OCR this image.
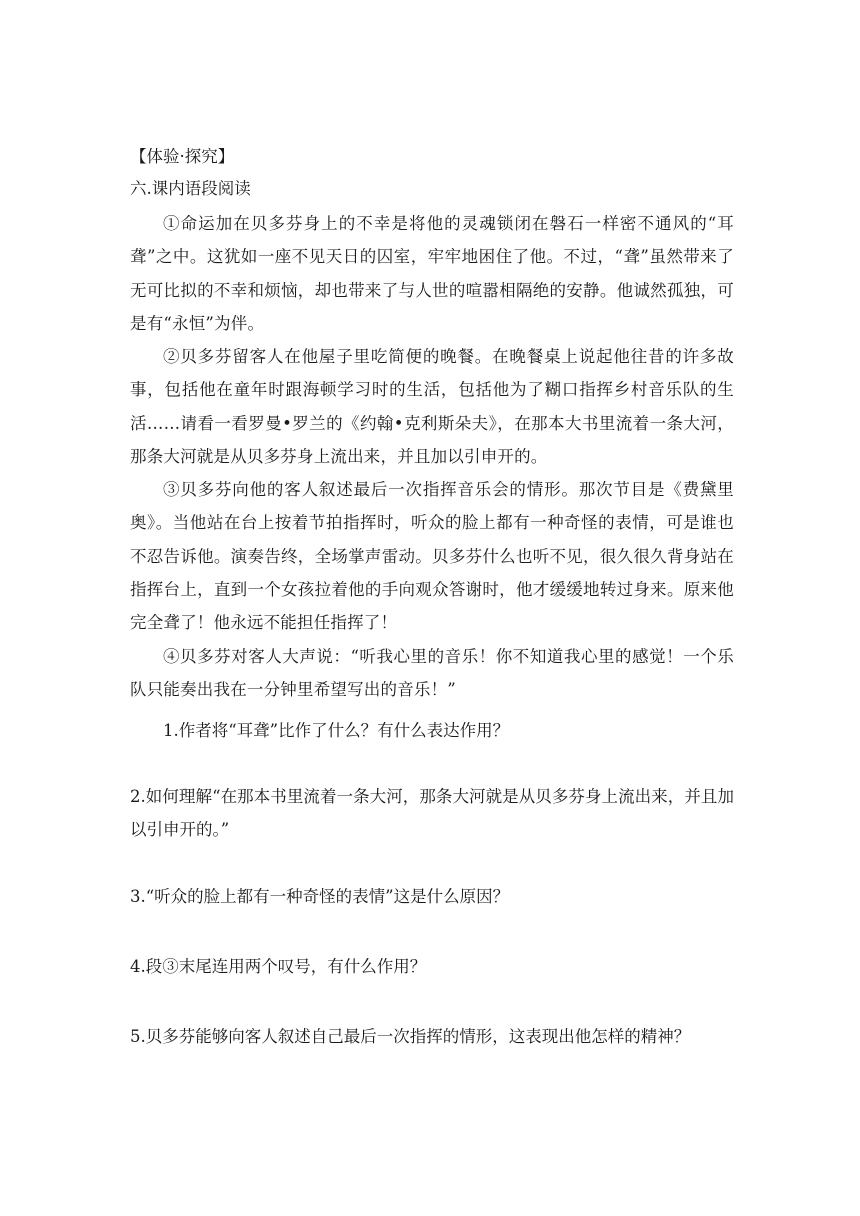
【体验·探究】
六.课内语段阅读
①命运加在贝多芬身上的不幸是将他的灵魂锁闭在磐石一样密不通风的“耳聋”之中。这犹如一座不见天日的囚室，牢牢地困住了他。不过，“聋”虽然带来了无可比拟的不幸和烦恼，却也带来了与人世的喧嚣相隔绝的安静。他诚然孤独，可是有“永恒”为伴。
②贝多芬留客人在他屋子里吃简便的晚餐。在晚餐桌上说起他往昔的许多故事，包括他在童年时跟海顿学习时的生活，包括他为了糊口指挥乡村音乐队的生活……请看一看罗曼•罗兰的《约翰•克利斯朵夫》，在那本大书里流着一条大河，那条大河就是从贝多芬身上流出来，并且加以引申开的。
③贝多芬向他的客人叙述最后一次指挥音乐会的情形。那次节目是《费黛里奥》。当他站在台上按着节拍指挥时，听众的脸上都有一种奇怪的表情，可是谁也不忍告诉他。演奏告终，全场掌声雷动。贝多芬什么也听不见，很久很久背身站在指挥台上，直到一个女孩拉着他的手向观众答谢时，他才缓缓地转过身来。原来他完全聋了！他永远不能担任指挥了！
④贝多芬对客人大声说：“听我心里的音乐！你不知道我心里的感觉！一个乐队只能奏出我在一分钟里希望写出的音乐！”
1.作者将“耳聋”比作了什么？有什么表达作用？
2.如何理解“在那本书里流着一条大河，那条大河就是从贝多芬身上流出来，并且加以引申开的。”
3.“听众的脸上都有一种奇怪的表情”这是什么原因？
4.段③末尾连用两个叹号，有什么作用？
5.贝多芬能够向客人叙述自己最后一次指挥的情形，这表现出他怎样的精神？
